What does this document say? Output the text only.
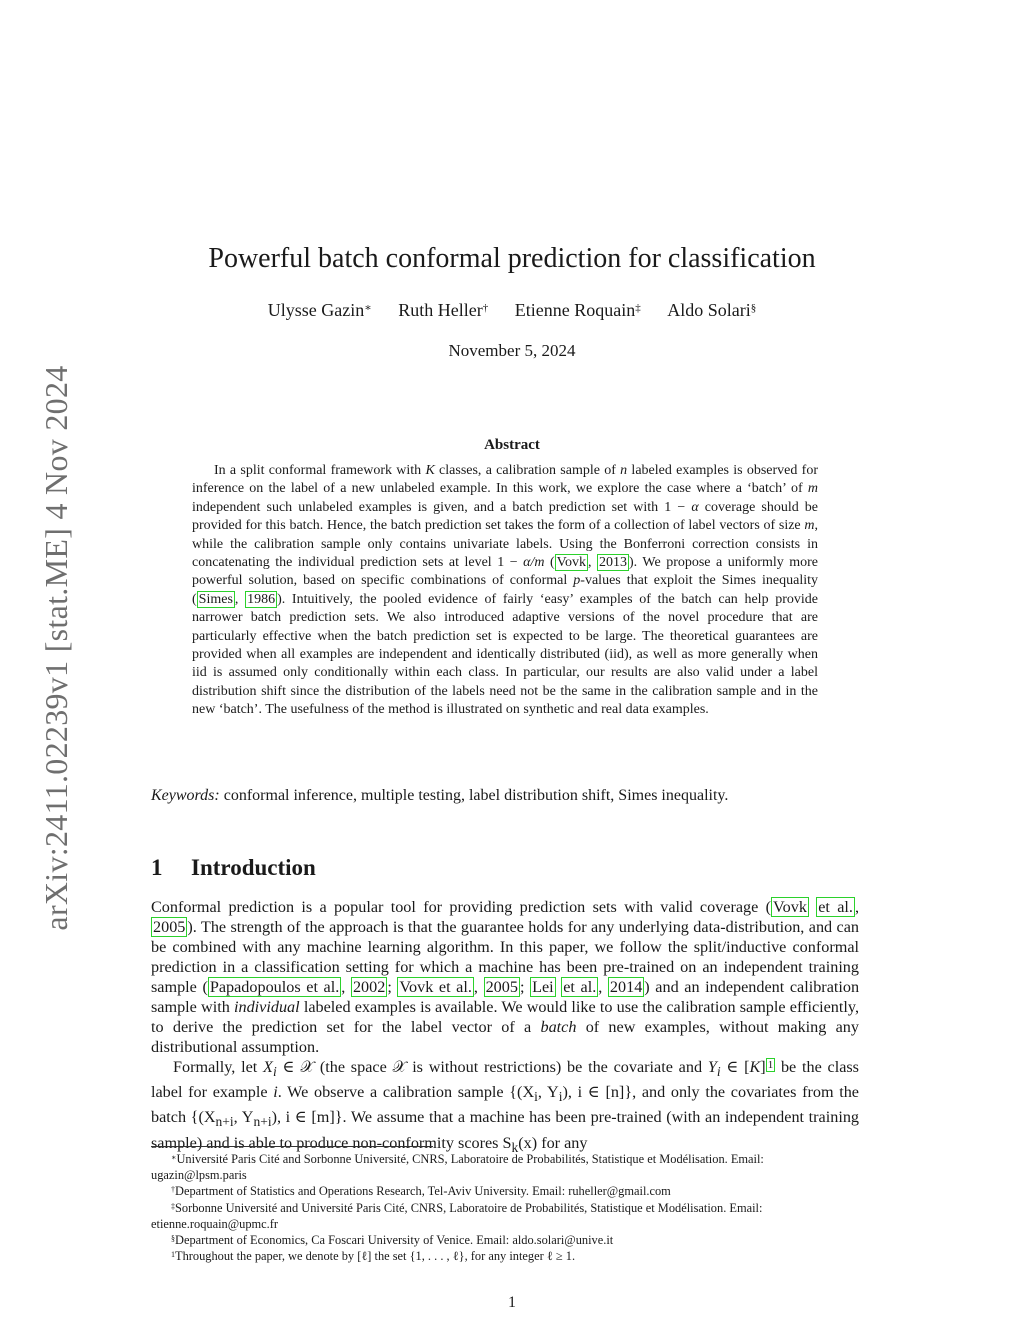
arXiv:2411.02239v1 [stat.ME] 4 Nov 2024
Powerful batch conformal prediction for classification
Ulysse Gazin∗ Ruth Heller† Etienne Roquain‡ Aldo Solari§
November 5, 2024
Abstract

In a split conformal framework with K classes, a calibration sample of n labeled examples is observed for inference on the label of a new unlabeled example. In this work, we explore the case where a ‘batch’ of m independent such unlabeled examples is given, and a batch prediction set with 1 − α coverage should be provided for this batch. Hence, the batch prediction set takes the form of a collection of label vectors of size m, while the calibration sample only contains univariate labels. Using the Bonferroni correction consists in concatenating the individual prediction sets at level 1 − α/m ( Vovk , 2013 ). We propose a uniformly more powerful solution, based on specific combinations of conformal p-values that exploit the Simes inequality ( Simes , 1986 ). Intuitively, the pooled evidence of fairly ‘easy’ examples of the batch can help provide narrower batch prediction sets. We also introduced adaptive versions of the novel procedure that are particularly effective when the batch prediction set is expected to be large. The theoretical guarantees are provided when all examples are independent and identically distributed (iid), as well as more generally when iid is assumed only conditionally within each class. In particular, our results are also valid under a label distribution shift since the distribution of the labels need not be the same in the calibration sample and in the new ‘batch’. The usefulness of the method is illustrated on synthetic and real data examples.

Keywords: conformal inference, multiple testing, label distribution shift, Simes inequality.

1 Introduction

Conformal prediction is a popular tool for providing prediction sets with valid coverage ( Vovk et al. , 2005 ). The strength of the approach is that the guarantee holds for any underlying data-distribution, and can be combined with any machine learning algorithm. In this paper, we follow the split/inductive conformal prediction in a classification setting for which a machine has been pre-trained on an independent training sample ( Papadopoulos et al. , 2002 ; Vovk et al. , 2005 ; Lei et al. , 2014 ) and an independent calibration sample with individual labeled examples is available. We would like to use the calibration sample efficiently, to derive the prediction set for the label vector of a batch of new examples, without making any distributional assumption.

Formally, let $X_i$ ∈ 𝒳 (the space 𝒳 is without restrictions) be the covariate and $Y_i$ ∈ [K] $^1$ be the class label for example i. We observe a calibration sample {($X_i$, $Y_i$), i ∈ [n]}, and only the covariates from the batch {($X_{n+i}$, $Y_{n+i}$), i ∈ [m]}. We assume that a machine has been pre-trained (with an independent training sample) and is able to produce non-conformity scores $S_k(x)$ for any

∗Université Paris Cité and Sorbonne Université, CNRS, Laboratoire de Probabilités, Statistique et Modélisation. Email: ugazin@lpsm.paris

†Department of Statistics and Operations Research, Tel-Aviv University. Email: ruheller@gmail.com

‡Sorbonne Université and Université Paris Cité, CNRS, Laboratoire de Probabilités, Statistique et Modélisation. Email: etienne.roquain@upmc.fr

§Department of Economics, Ca Foscari University of Venice. Email: aldo.solari@unive.it

$^1$Throughout the paper, we denote by [ℓ] the set {1, . . . , ℓ}, for any integer ℓ ≥ 1.

1
